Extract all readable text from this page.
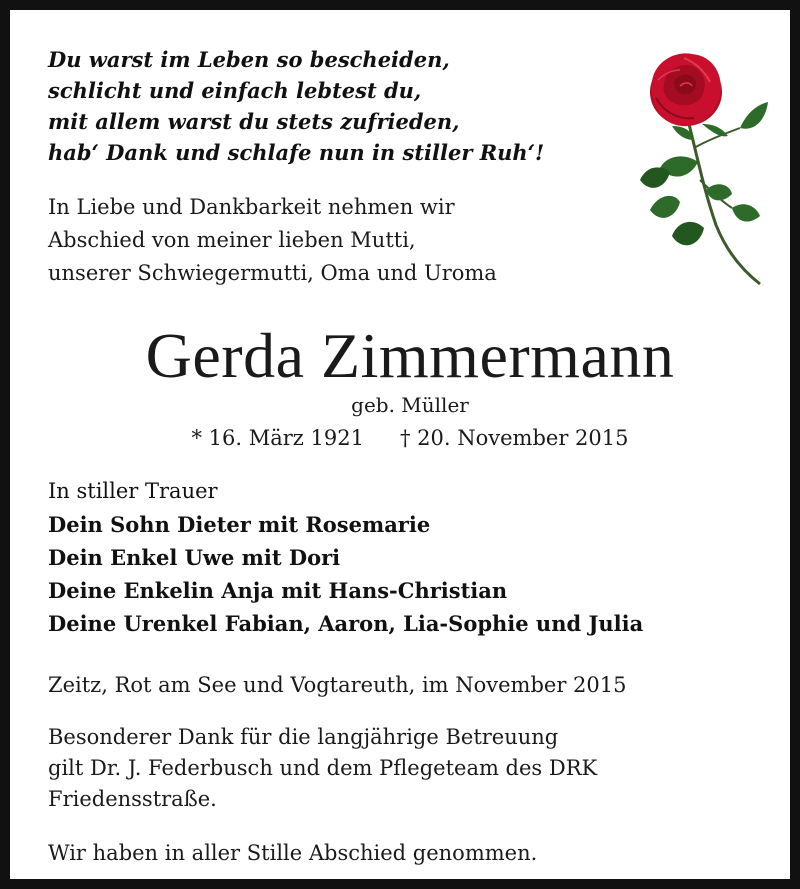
Du warst im Leben so bescheiden,
schlicht und einfach lebtest du,
mit allem warst du stets zufrieden,
hab‘ Dank und schlafe nun in stiller Ruh‘!
In Liebe und Dankbarkeit nehmen wir
Abschied von meiner lieben Mutti,
unserer Schwiegermutti, Oma und Uroma
Gerda Zimmermann
geb. Müller
* 16. März 1921 † 20. November 2015
In stiller Trauer
Dein Sohn Dieter mit Rosemarie
Dein Enkel Uwe mit Dori
Deine Enkelin Anja mit Hans-Christian
Deine Urenkel Fabian, Aaron, Lia-Sophie und Julia
Zeitz, Rot am See und Vogtareuth, im November 2015
Besonderer Dank für die langjährige Betreuung
gilt Dr. J. Federbusch und dem Pflegeteam des DRK
Friedensstraße.
Wir haben in aller Stille Abschied genommen.
